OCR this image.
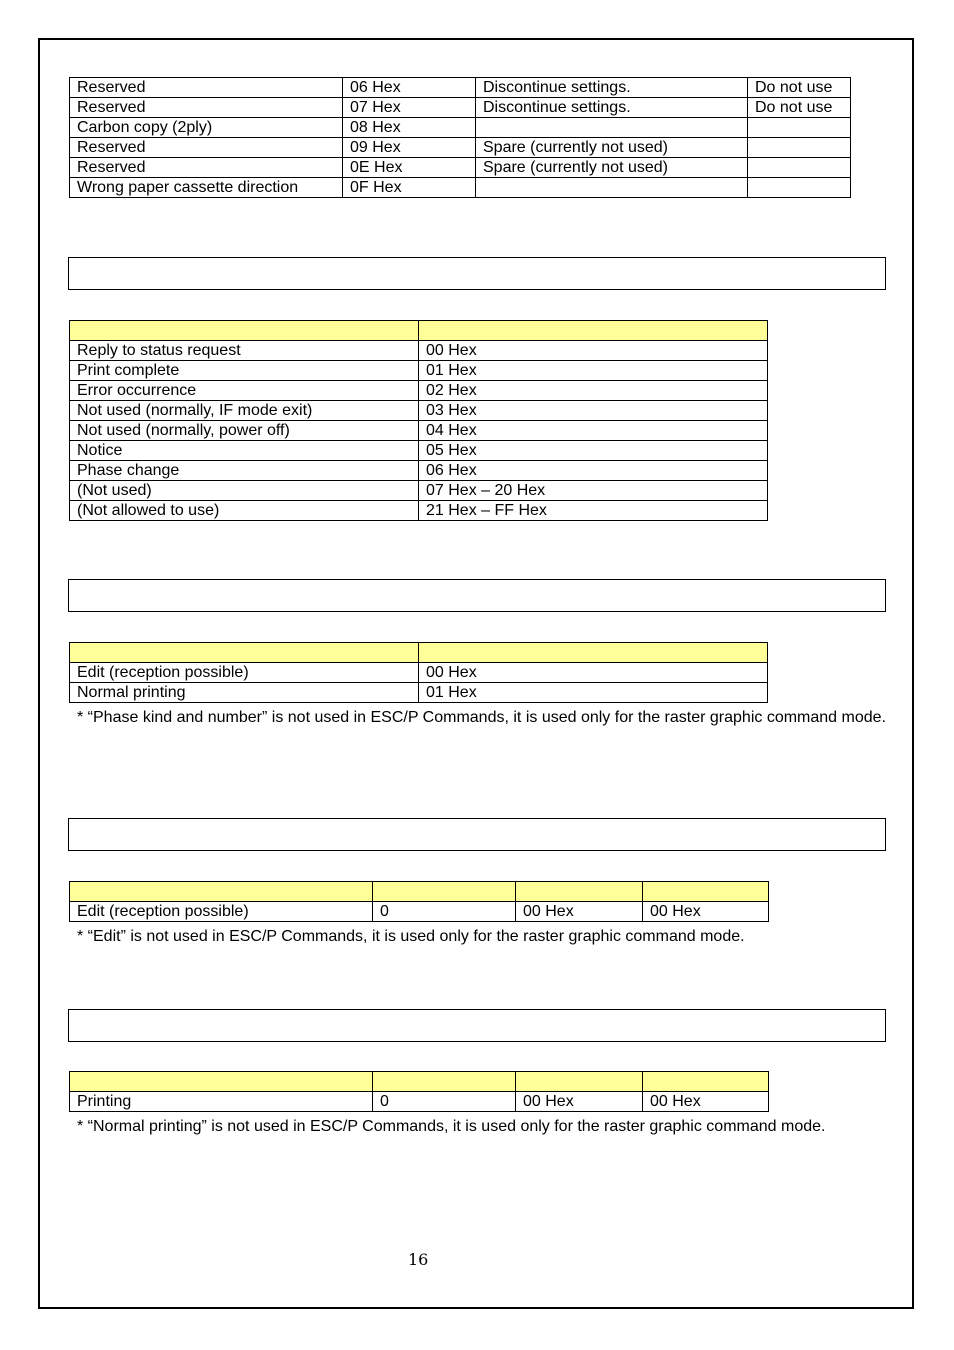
Reserved	06 Hex	Discontinue settings.	Do not use
Reserved	07 Hex	Discontinue settings.	Do not use
Carbon copy (2ply)	08 Hex		
Reserved	09 Hex	Spare (currently not used)	
Reserved	0E Hex	Spare (currently not used)	
Wrong paper cassette direction	0F Hex		

Reply to status request	00 Hex
Print complete	01 Hex
Error occurrence	02 Hex
Not used (normally, IF mode exit)	03 Hex
Not used (normally, power off)	04 Hex
Notice	05 Hex
Phase change	06 Hex
(Not used)	07 Hex – 20 Hex
(Not allowed to use)	21 Hex – FF Hex

Edit (reception possible)	00 Hex
Normal printing	01 Hex
* “Phase kind and number” is not used in ESC/P Commands, it is used only for the raster graphic command mode.

Edit (reception possible)	0	00 Hex	00 Hex
* “Edit” is not used in ESC/P Commands, it is used only for the raster graphic command mode.

Printing	0	00 Hex	00 Hex
* “Normal printing” is not used in ESC/P Commands, it is used only for the raster graphic command mode.
16
